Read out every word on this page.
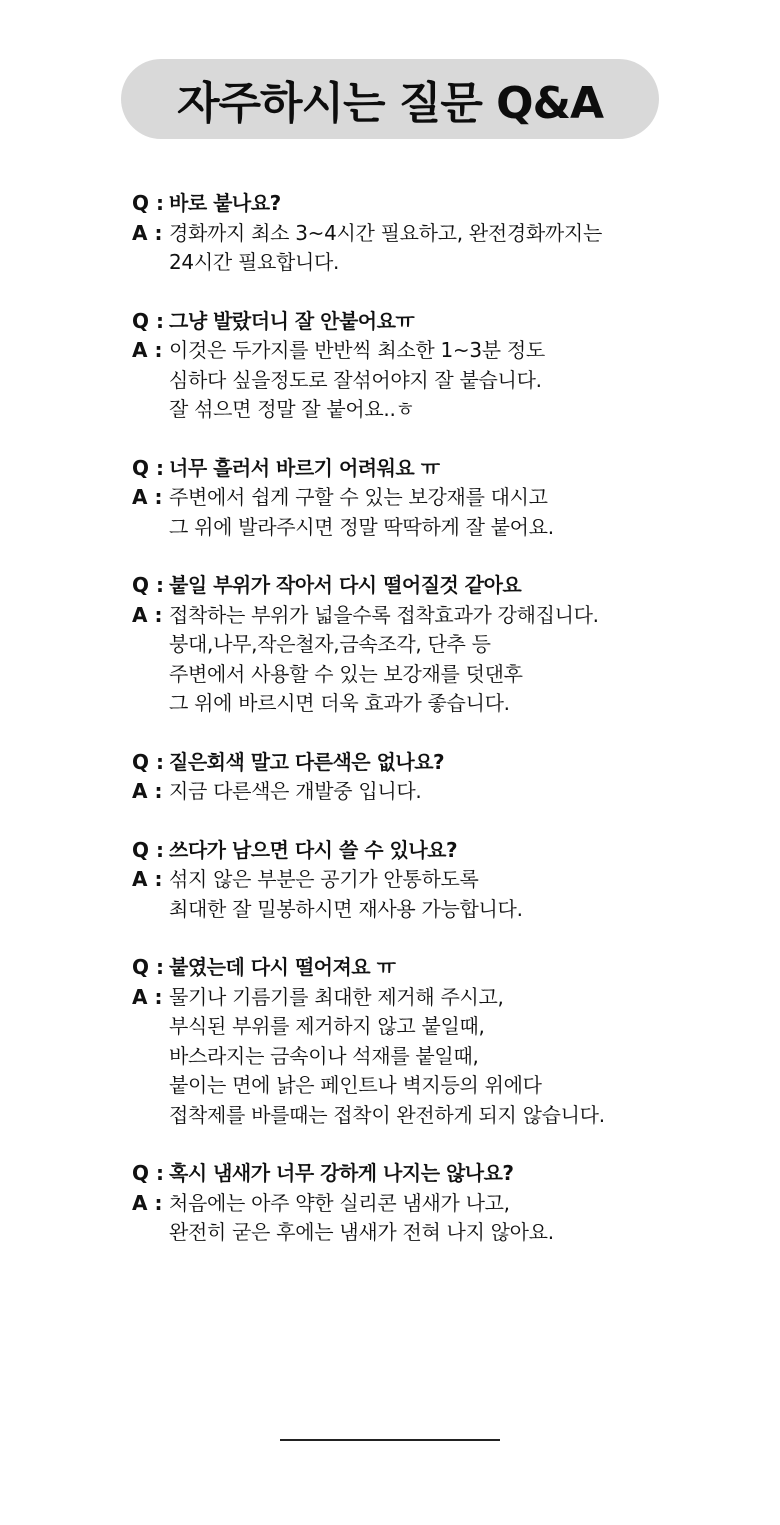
자주하시는 질문 Q&A
Q : 바로 붙나요?
A : 경화까지 최소 3~4시간 필요하고, 완전경화까지는
24시간 필요합니다.
Q : 그냥 발랐더니 잘 안붙어요ㅠ
A : 이것은 두가지를 반반씩 최소한 1~3분 정도
심하다 싶을정도로 잘섞어야지 잘 붙습니다.
잘 섞으면 정말 잘 붙어요..ㅎ
Q : 너무 흘러서 바르기 어려워요 ㅠ
A : 주변에서 쉽게 구할 수 있는 보강재를 대시고
그 위에 발라주시면 정말 딱딱하게 잘 붙어요.
Q : 붙일 부위가 작아서 다시 떨어질것 같아요
A : 접착하는 부위가 넓을수록 접착효과가 강해집니다.
붕대,나무,작은철자,금속조각, 단추 등
주변에서 사용할 수 있는 보강재를 덧댄후
그 위에 바르시면 더욱 효과가 좋습니다.
Q : 짙은회색 말고 다른색은 없나요?
A : 지금 다른색은 개발중 입니다.
Q : 쓰다가 남으면 다시 쓸 수 있나요?
A : 섞지 않은 부분은 공기가 안통하도록
최대한 잘 밀봉하시면 재사용 가능합니다.
Q : 붙였는데 다시 떨어져요 ㅠ
A : 물기나 기름기를 최대한 제거해 주시고,
부식된 부위를 제거하지 않고 붙일때,
바스라지는 금속이나 석재를 붙일때,
붙이는 면에 낡은 페인트나 벽지등의 위에다
접착제를 바를때는 접착이 완전하게 되지 않습니다.
Q : 혹시 냄새가 너무 강하게 나지는 않나요?
A : 처음에는 아주 약한 실리콘 냄새가 나고,
완전히 굳은 후에는 냄새가 전혀 나지 않아요.
